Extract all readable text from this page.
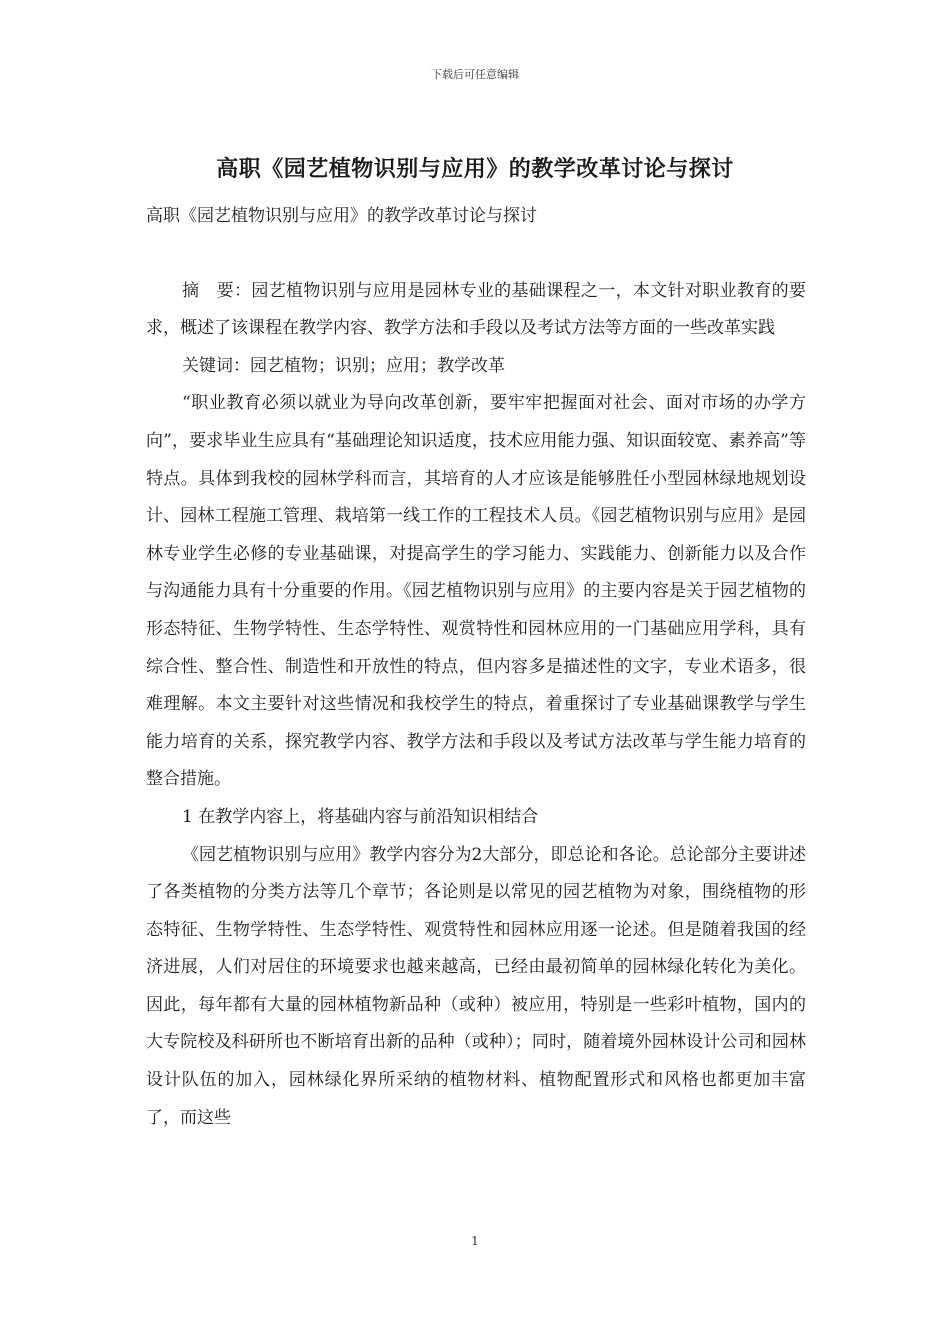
下载后可任意编辑
高职《园艺植物识别与应用》的教学改革讨论与探讨

高职《园艺植物识别与应用》的教学改革讨论与探讨

摘　要：园艺植物识别与应用是园林专业的基础课程之一，本文针对职业教育的要求，概述了该课程在教学内容、教学方法和手段以及考试方法等方面的一些改革实践

关键词：园艺植物；识别；应用；教学改革

“职业教育必须以就业为导向改革创新，要牢牢把握面对社会、面对市场的办学方向”，要求毕业生应具有“基础理论知识适度，技术应用能力强、知识面较宽、素养高”等特点。具体到我校的园林学科而言，其培育的人才应该是能够胜任小型园林绿地规划设计、园林工程施工管理、栽培第一线工作的工程技术人员。《园艺植物识别与应用》是园林专业学生必修的专业基础课，对提高学生的学习能力、实践能力、创新能力以及合作与沟通能力具有十分重要的作用。《园艺植物识别与应用》的主要内容是关于园艺植物的形态特征、生物学特性、生态学特性、观赏特性和园林应用的一门基础应用学科，具有综合性、整合性、制造性和开放性的特点，但内容多是描述性的文字，专业术语多，很难理解。本文主要针对这些情况和我校学生的特点，着重探讨了专业基础课教学与学生能力培育的关系，探究教学内容、教学方法和手段以及考试方法改革与学生能力培育的整合措施。

1 在教学内容上，将基础内容与前沿知识相结合

《园艺植物识别与应用》教学内容分为2大部分，即总论和各论。总论部分主要讲述了各类植物的分类方法等几个章节；各论则是以常见的园艺植物为对象，围绕植物的形态特征、生物学特性、生态学特性、观赏特性和园林应用逐一论述。但是随着我国的经济进展，人们对居住的环境要求也越来越高，已经由最初简单的园林绿化转化为美化。因此，每年都有大量的园林植物新品种（或种）被应用，特别是一些彩叶植物，国内的大专院校及科研所也不断培育出新的品种（或种）；同时，随着境外园林设计公司和园林设计队伍的加入，园林绿化界所采纳的植物材料、植物配置形式和风格也都更加丰富了，而这些

1
